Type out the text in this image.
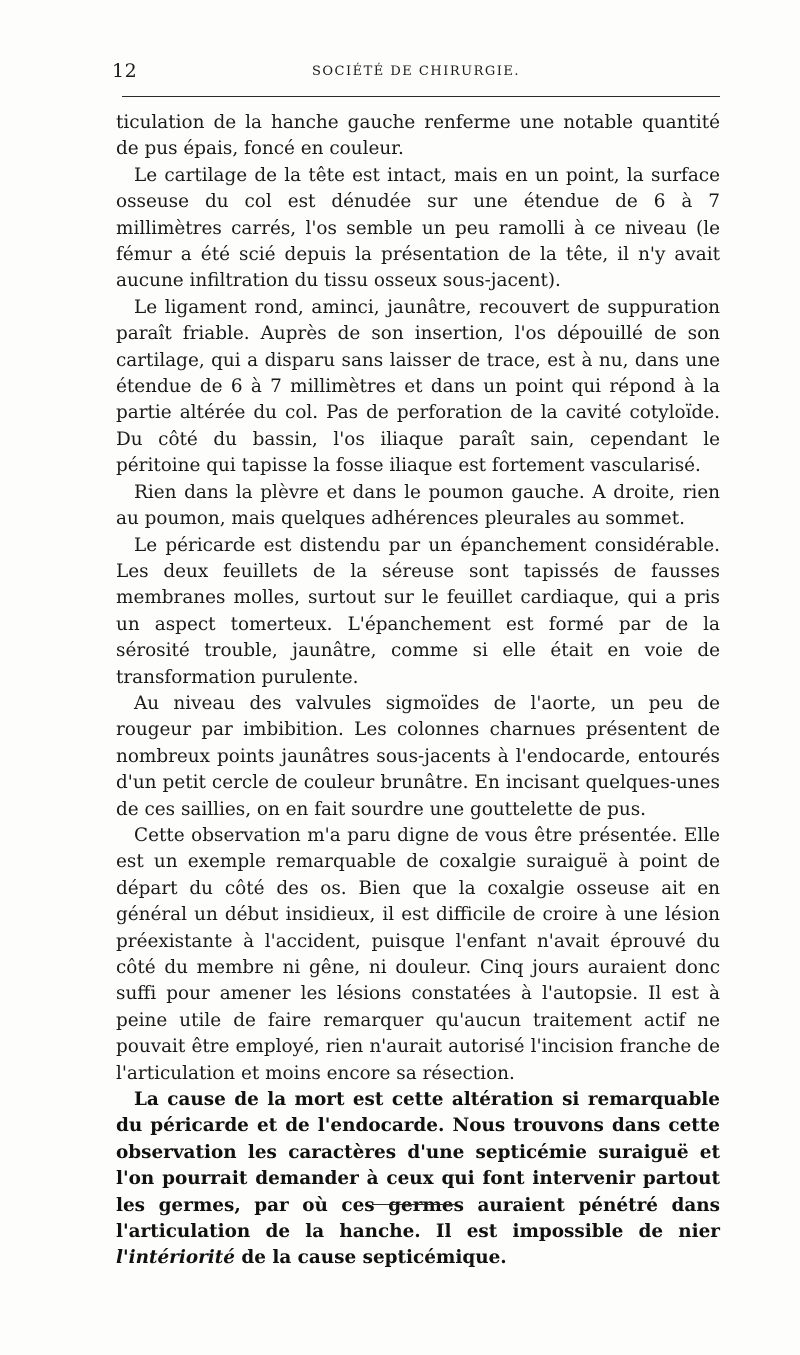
12	SOCIÉTÉ DE CHIRURGIE.

ticulation de la hanche gauche renferme une notable quantité de pus épais, foncé en couleur.

Le cartilage de la tête est intact, mais en un point, la surface osseuse du col est dénudée sur une étendue de 6 à 7 millimètres carrés, l'os semble un peu ramolli à ce niveau (le fémur a été scié depuis la présentation de la tête, il n'y avait aucune infiltration du tissu osseux sous-jacent).

Le ligament rond, aminci, jaunâtre, recouvert de suppuration paraît friable. Auprès de son insertion, l'os dépouillé de son cartilage, qui a disparu sans laisser de trace, est à nu, dans une étendue de 6 à 7 millimètres et dans un point qui répond à la partie altérée du col. Pas de perforation de la cavité cotyloïde. Du côté du bassin, l'os iliaque paraît sain, cependant le péritoine qui tapisse la fosse iliaque est fortement vascularisé.

Rien dans la plèvre et dans le poumon gauche. A droite, rien au poumon, mais quelques adhérences pleurales au sommet.

Le péricarde est distendu par un épanchement considérable. Les deux feuillets de la séreuse sont tapissés de fausses membranes molles, surtout sur le feuillet cardiaque, qui a pris un aspect tomerteux. L'épanchement est formé par de la sérosité trouble, jaunâtre, comme si elle était en voie de transformation purulente.

Au niveau des valvules sigmoïdes de l'aorte, un peu de rougeur par imbibition. Les colonnes charnues présentent de nombreux points jaunâtres sous-jacents à l'endocarde, entourés d'un petit cercle de couleur brunâtre. En incisant quelques-unes de ces saillies, on en fait sourdre une gouttelette de pus.

Cette observation m'a paru digne de vous être présentée. Elle est un exemple remarquable de coxalgie suraiguë à point de départ du côté des os. Bien que la coxalgie osseuse ait en général un début insidieux, il est difficile de croire à une lésion préexistante à l'accident, puisque l'enfant n'avait éprouvé du côté du membre ni gêne, ni douleur. Cinq jours auraient donc suffi pour amener les lésions constatées à l'autopsie. Il est à peine utile de faire remarquer qu'aucun traitement actif ne pouvait être employé, rien n'aurait autorisé l'incision franche de l'articulation et moins encore sa résection.

La cause de la mort est cette altération si remarquable du péricarde et de l'endocarde. Nous trouvons dans cette observation les caractères d'une septicémie suraiguë et l'on pourrait demander à ceux qui font intervenir partout les germes, par où ces germes auraient pénétré dans l'articulation de la hanche. Il est impossible de nier l'intériorité de la cause septicémique.
